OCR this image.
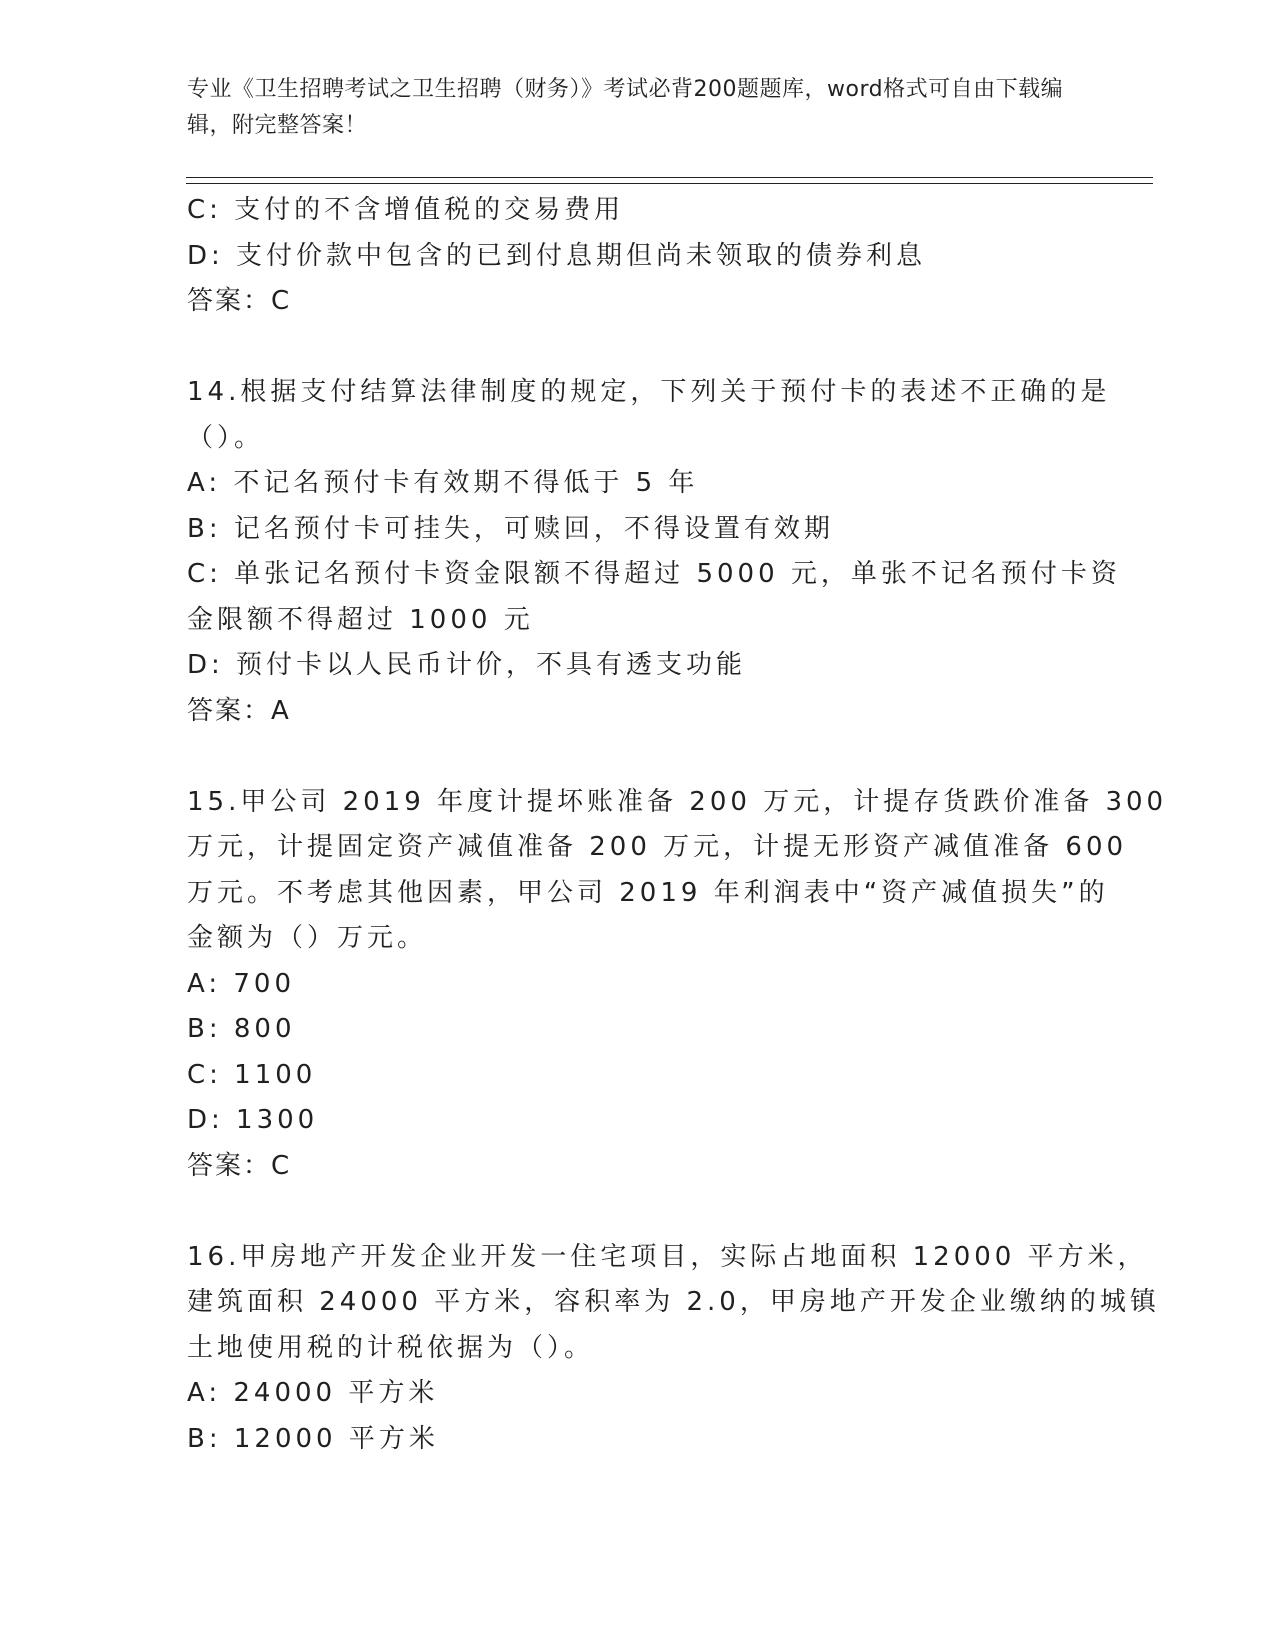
专业《卫生招聘考试之卫生招聘（财务）》考试必背200题题库，word格式可自由下载编辑，附完整答案！
C: 支付的不含增值税的交易费用
D: 支付价款中包含的已到付息期但尚未领取的债券利息
答案：C
14.根据支付结算法律制度的规定，下列关于预付卡的表述不正确的是
（）。
A: 不记名预付卡有效期不得低于 5 年
B: 记名预付卡可挂失，可赎回，不得设置有效期
C: 单张记名预付卡资金限额不得超过 5000 元，单张不记名预付卡资
金限额不得超过 1000 元
D: 预付卡以人民币计价，不具有透支功能
答案：A
15.甲公司 2019 年度计提坏账准备 200 万元，计提存货跌价准备 300
万元，计提固定资产减值准备 200 万元，计提无形资产减值准备 600
万元。不考虑其他因素，甲公司 2019 年利润表中“资产减值损失”的
金额为（）万元。
A: 700
B: 800
C: 1100
D: 1300
答案：C
16.甲房地产开发企业开发一住宅项目，实际占地面积 12000 平方米，
建筑面积 24000 平方米，容积率为 2.0，甲房地产开发企业缴纳的城镇
土地使用税的计税依据为（）。
A: 24000 平方米
B: 12000 平方米
